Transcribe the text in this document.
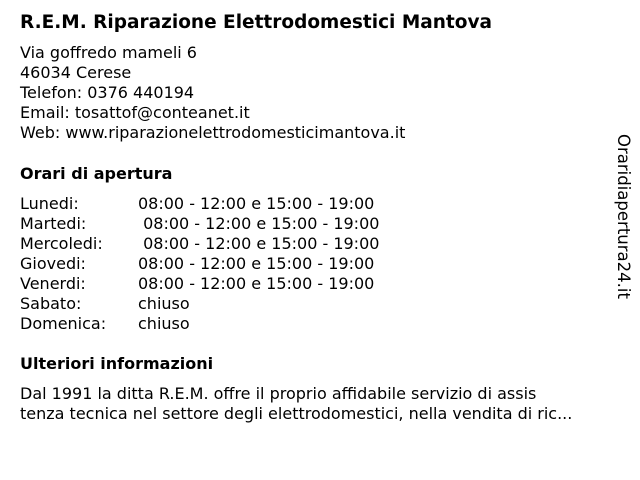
R.E.M. Riparazione Elettrodomestici Mantova
Via goffredo mameli 6
46034 Cerese
Telefon: 0376 440194
Email: tosattof@conteanet.it
Web: www.riparazionelettrodomesticimantova.it
Orari di apertura
Lunedi:	08:00 - 12:00 e 15:00 - 19:00
Martedi:	08:00 - 12:00 e 15:00 - 19:00
Mercoledi: 08:00 - 12:00 e 15:00 - 19:00
Giovedi:	08:00 - 12:00 e 15:00 - 19:00
Venerdi:	08:00 - 12:00 e 15:00 - 19:00
Sabato:	chiuso
Domenica: chiuso
Ulteriori informazioni
Dal 1991 la ditta R.E.M. offre il proprio affidabile servizio di assis
tenza tecnica nel settore degli elettrodomestici, nella vendita di ric...
Oraridiapertura24.it
